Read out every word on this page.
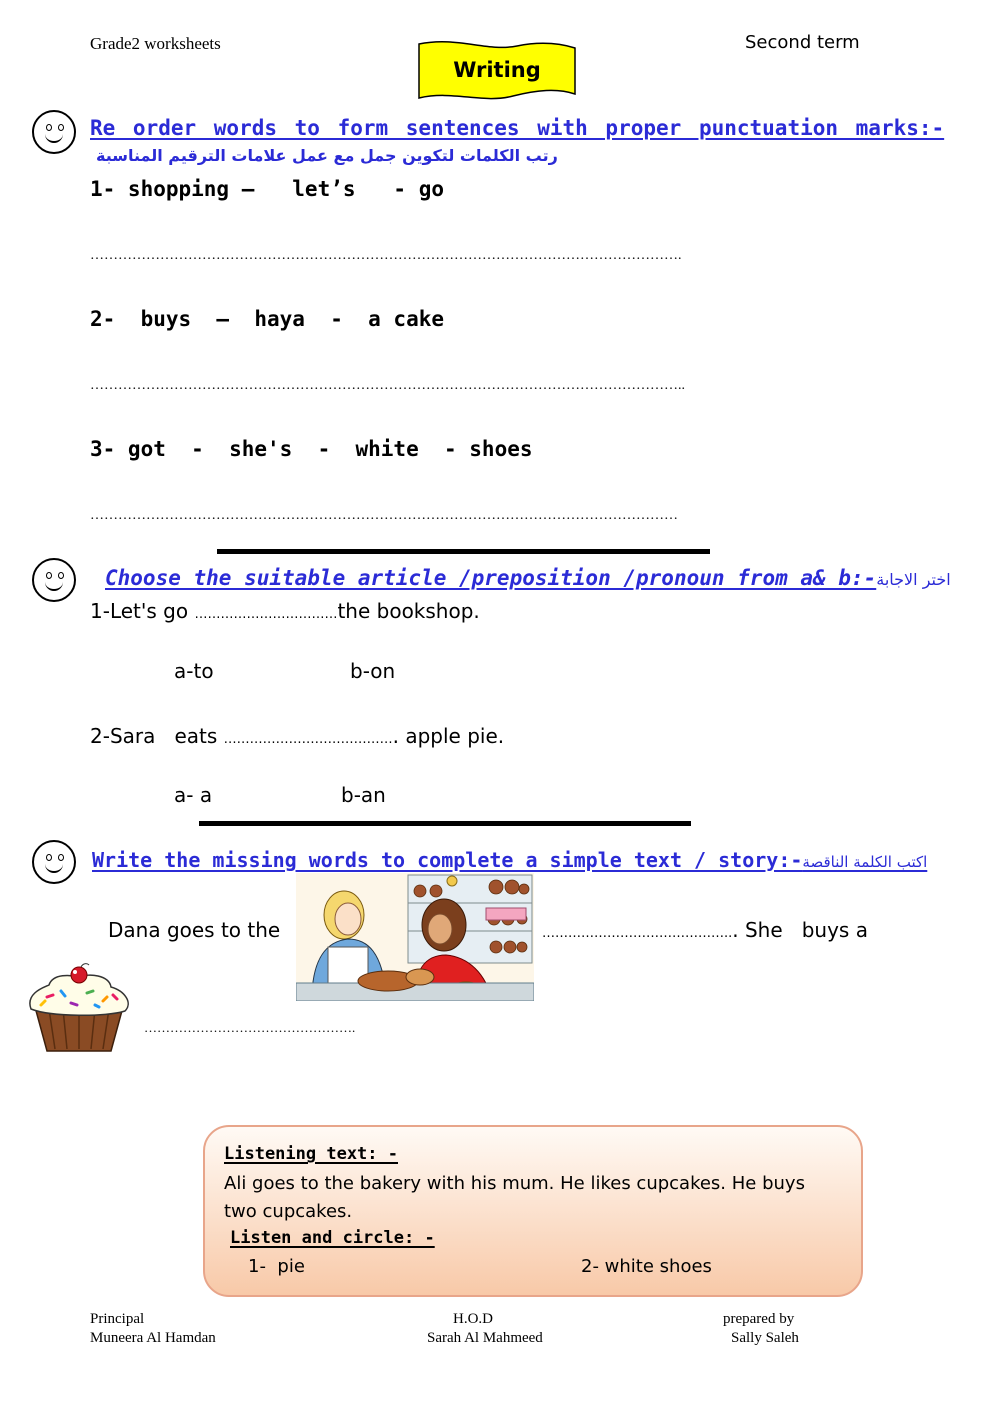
Grade2 worksheets	Second term
Writing
Re order words to form sentences with proper punctuation marks:-
رتب الكلمات لتكوين جمل مع عمل علامات الترقيم المناسبة
1- shopping –   let’s   - go
……………………………………………………………………………………………………………….
2-  buys  –  haya  -  a cake
………………………………………………………………………………………………………………..
3- got  -  she's  -  white  - shoes
………………………………………………………………………………………………………………
Choose the suitable article /preposition /pronoun from a& b:-اختر الاجابة
1-Let's go ……………………………the bookshop.
a-to	b-on
2-Sara   eats …………………………………. apple pie.
a- a	b-an
Write the missing words to complete a simple text / story:-اكتب الكلمة الناقصة
Dana goes to the	……………………………………... She   buys a
………………………………………….
Listening text: -
Ali goes to the bakery with his mum. He likes cupcakes. He buys two cupcakes.
Listen and circle: -
1-  pie	2- white shoes
Principal
Muneera Al Hamdan
H.O.D
Sarah Al Mahmeed
prepared by
Sally Saleh
